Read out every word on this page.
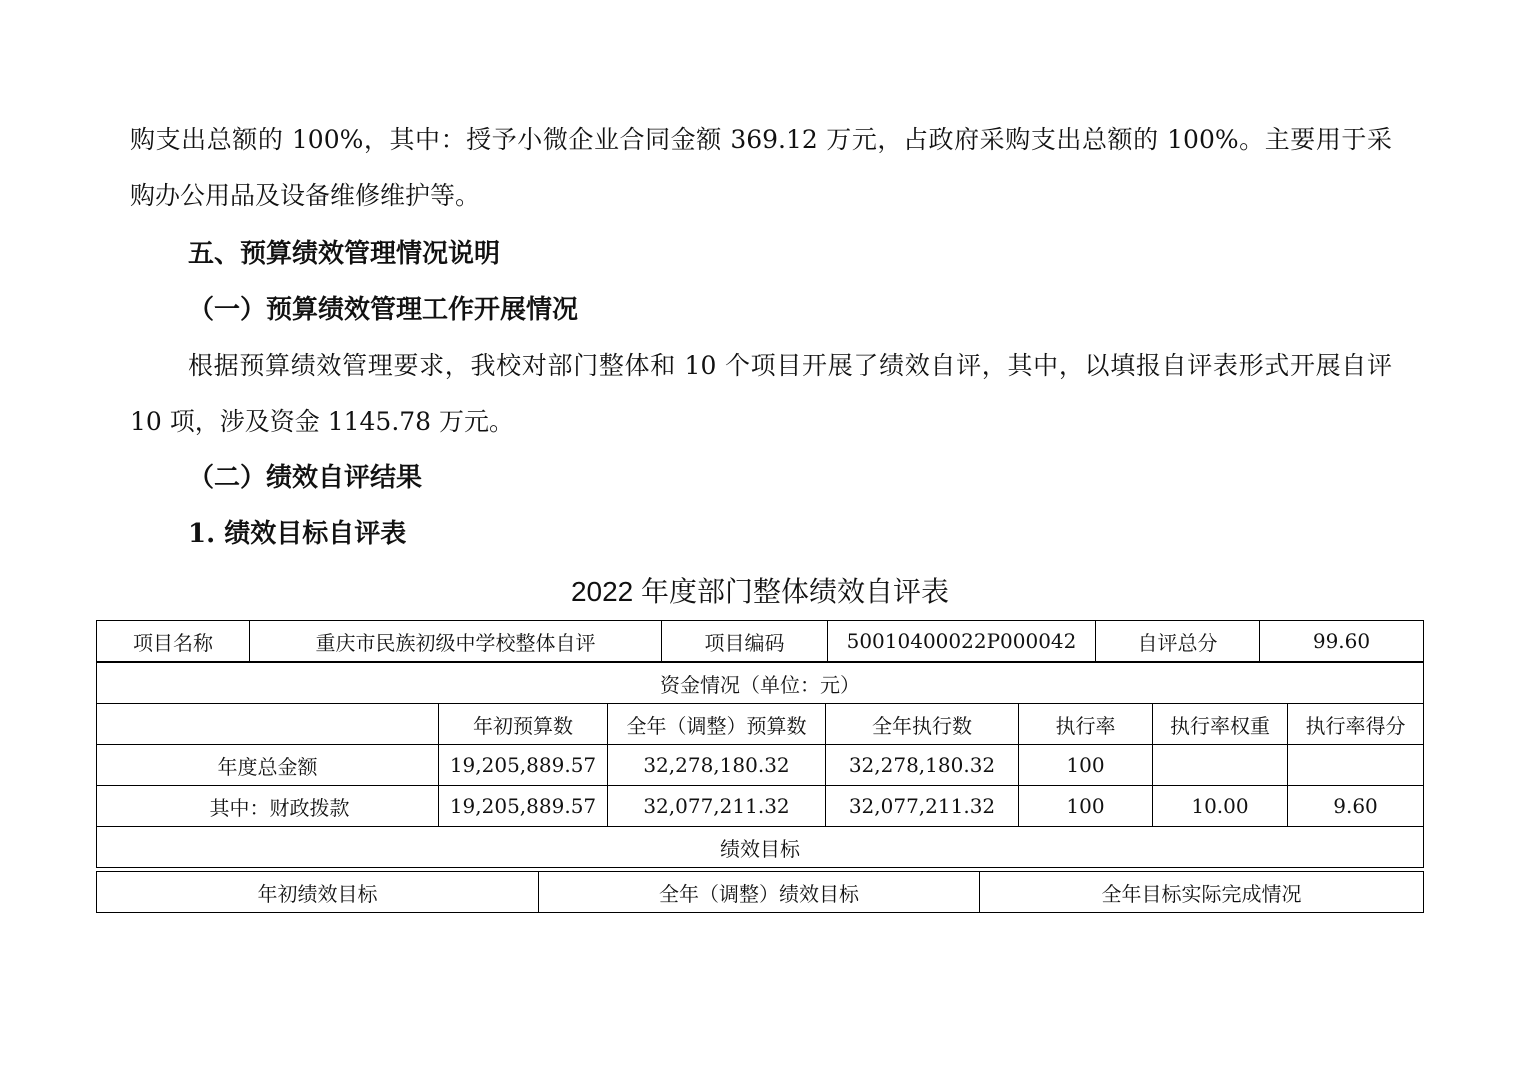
购支出总额的 100%，其中：授予小微企业合同金额 369.12 万元，占政府采购支出总额的 100%。主要用于采购办公用品及设备维修维护等。

五、预算绩效管理情况说明

（一）预算绩效管理工作开展情况

根据预算绩效管理要求，我校对部门整体和 10 个项目开展了绩效自评，其中，以填报自评表形式开展自评 10 项，涉及资金 1145.78 万元。

（二）绩效自评结果

1. 绩效目标自评表

2022 年度部门整体绩效自评表

项目名称	重庆市民族初级中学校整体自评	项目编码	50010400022P000042	自评总分	99.60
资金情况（单位：元）						
	年初预算数	全年（调整）预算数	全年执行数	执行率	执行率权重	执行率得分
年度总金额	19,205,889.57	32,278,180.32	32,278,180.32	100		
其中：财政拨款	19,205,889.57	32,077,211.32	32,077,211.32	100	10.00	9.60
绩效目标						
年初绩效目标	全年（调整）绩效目标	全年目标实际完成情况
